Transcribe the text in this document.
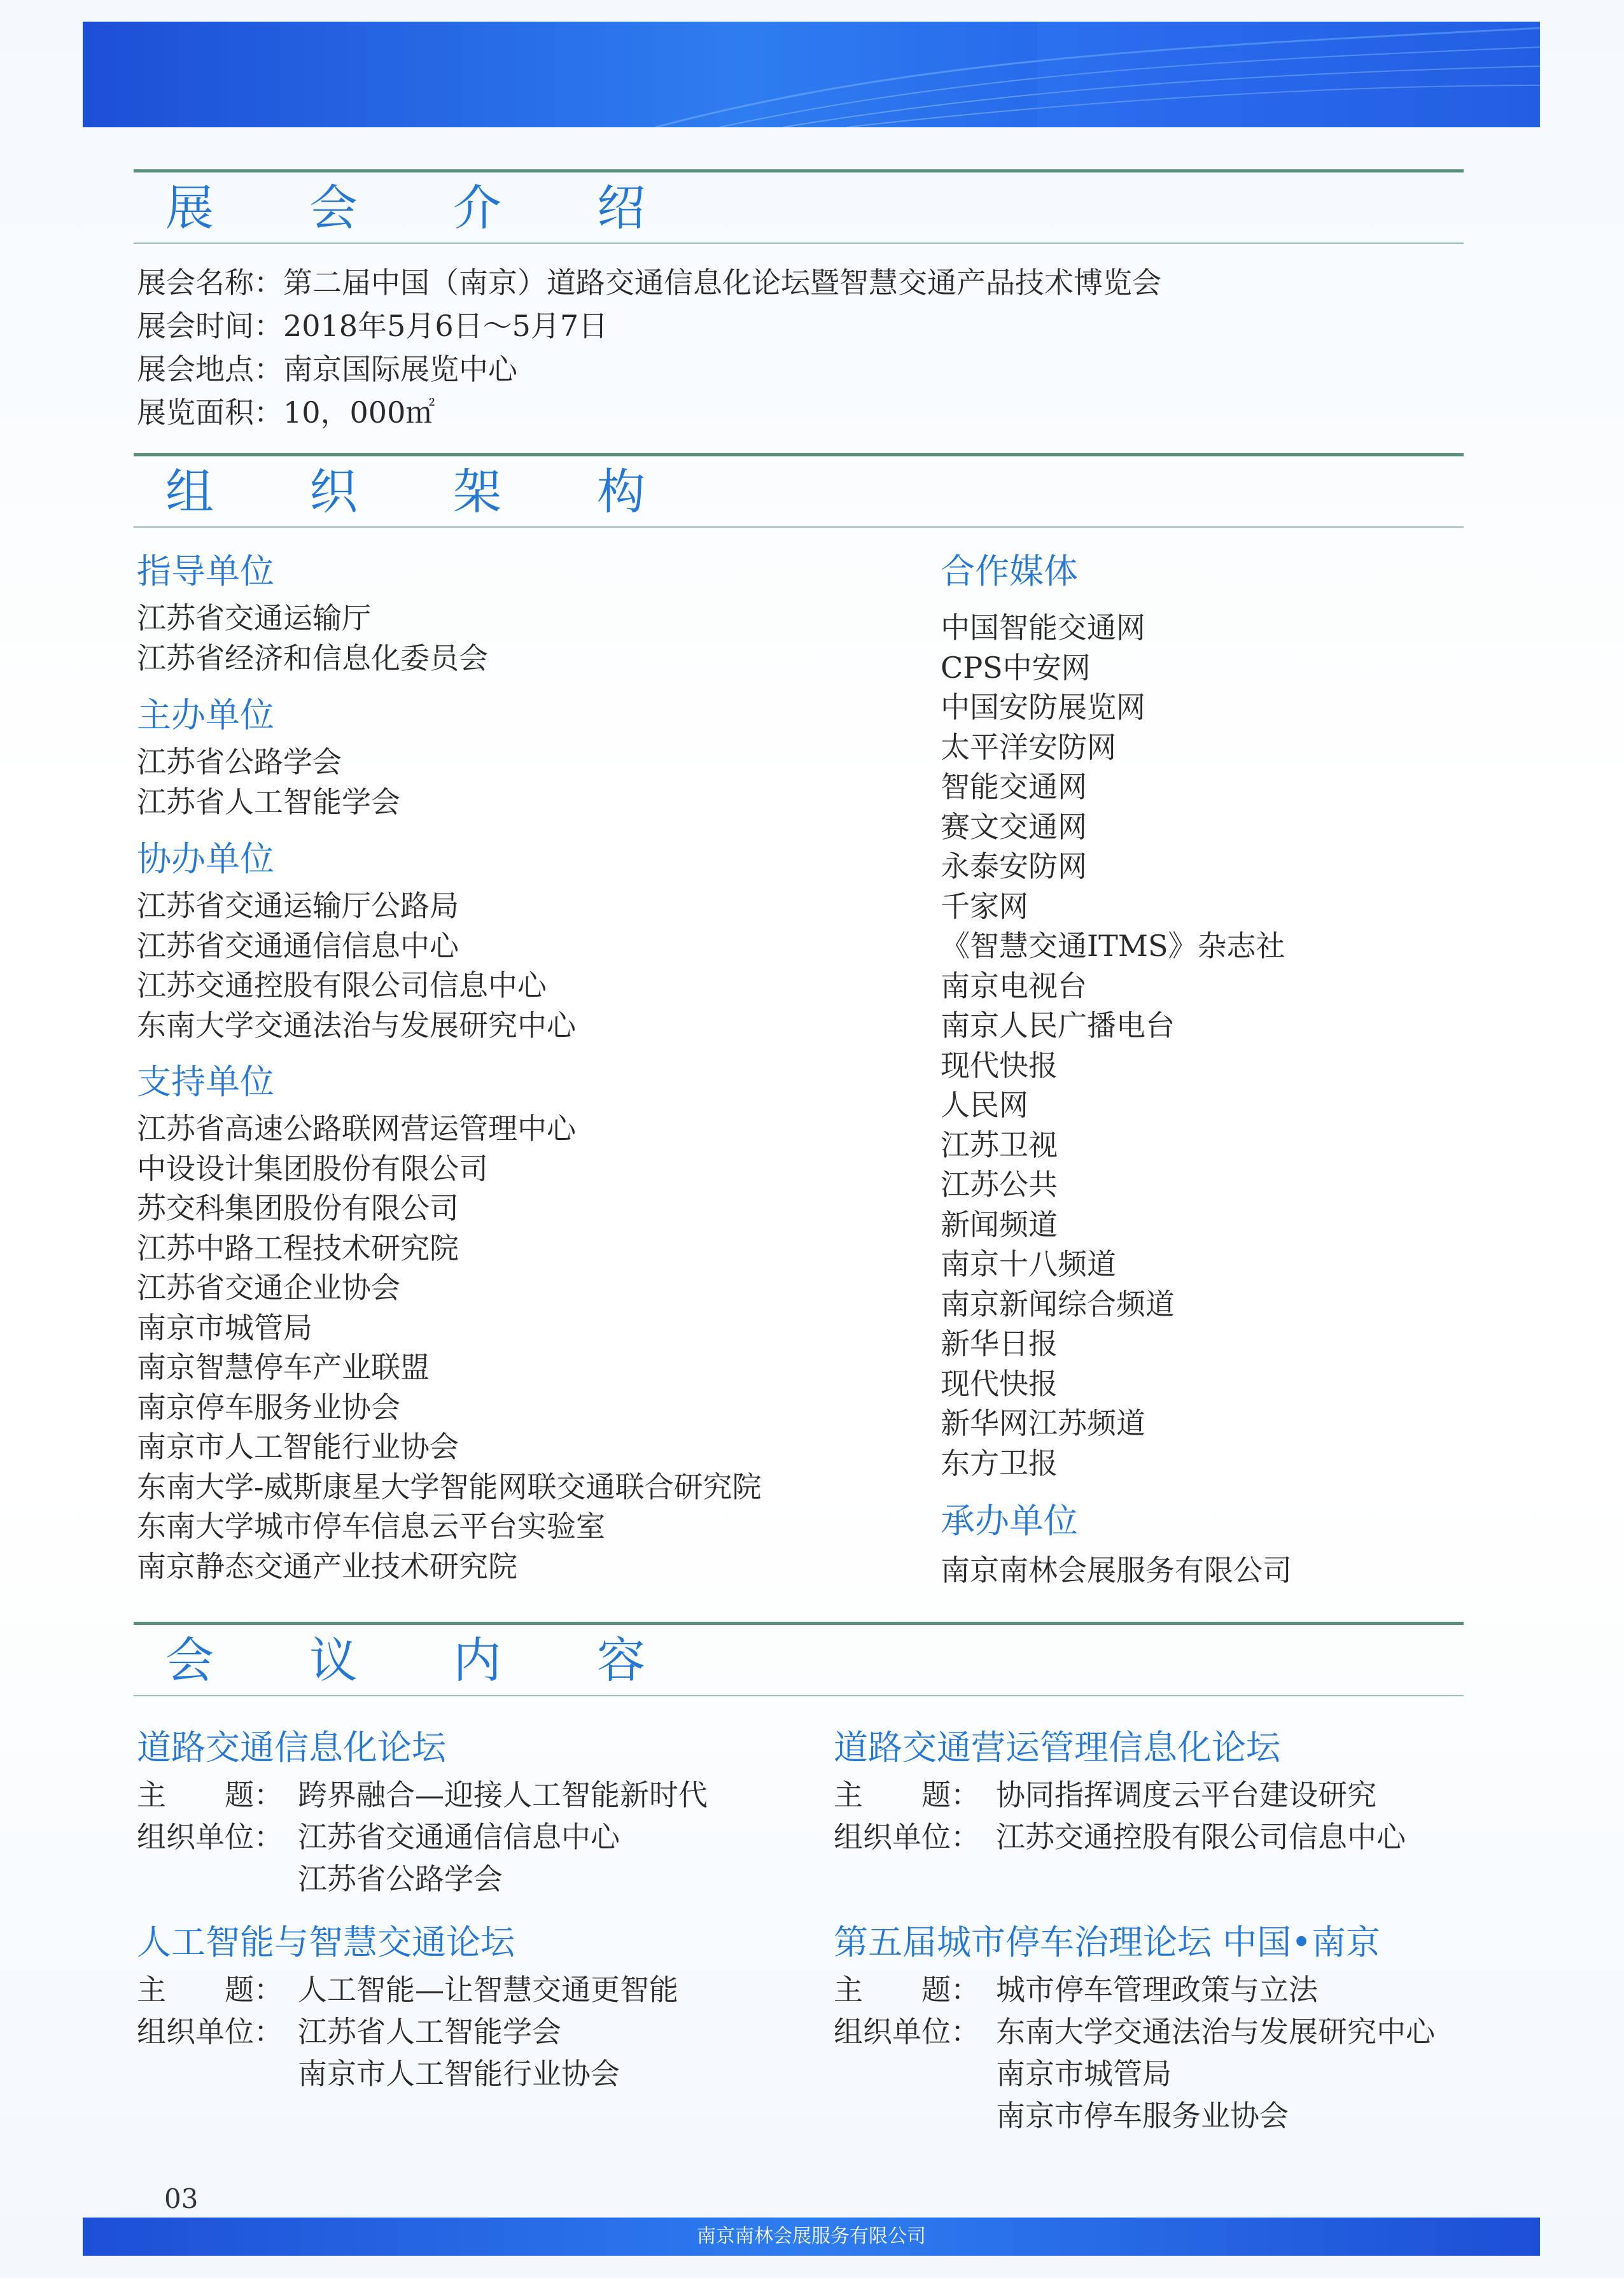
展会介绍
展会名称：第二届中国（南京）道路交通信息化论坛暨智慧交通产品技术博览会
展会时间：2018年5月6日～5月7日
展会地点：南京国际展览中心
展览面积：10，000㎡
组织架构
指导单位
江苏省交通运输厅
江苏省经济和信息化委员会
主办单位
江苏省公路学会
江苏省人工智能学会
协办单位
江苏省交通运输厅公路局
江苏省交通通信信息中心
江苏交通控股有限公司信息中心
东南大学交通法治与发展研究中心
支持单位
江苏省高速公路联网营运管理中心
中设设计集团股份有限公司
苏交科集团股份有限公司
江苏中路工程技术研究院
江苏省交通企业协会
南京市城管局
南京智慧停车产业联盟
南京停车服务业协会
南京市人工智能行业协会
东南大学-威斯康星大学智能网联交通联合研究院
东南大学城市停车信息云平台实验室
南京静态交通产业技术研究院
合作媒体
中国智能交通网
CPS中安网
中国安防展览网
太平洋安防网
智能交通网
赛文交通网
永泰安防网
千家网
《智慧交通ITMS》杂志社
南京电视台
南京人民广播电台
现代快报
人民网
江苏卫视
江苏公共
新闻频道
南京十八频道
南京新闻综合频道
新华日报
现代快报
新华网江苏频道
东方卫报
承办单位
南京南林会展服务有限公司
会议内容
道路交通信息化论坛
主　　题： 跨界融合—迎接人工智能新时代
组织单位： 江苏省交通通信信息中心
江苏省公路学会
道路交通营运管理信息化论坛
主　　题： 协同指挥调度云平台建设研究
组织单位： 江苏交通控股有限公司信息中心
人工智能与智慧交通论坛
主　　题： 人工智能—让智慧交通更智能
组织单位： 江苏省人工智能学会
南京市人工智能行业协会
第五届城市停车治理论坛 中国•南京
主　　题： 城市停车管理政策与立法
组织单位： 东南大学交通法治与发展研究中心
南京市城管局
南京市停车服务业协会
03
南京南林会展服务有限公司
